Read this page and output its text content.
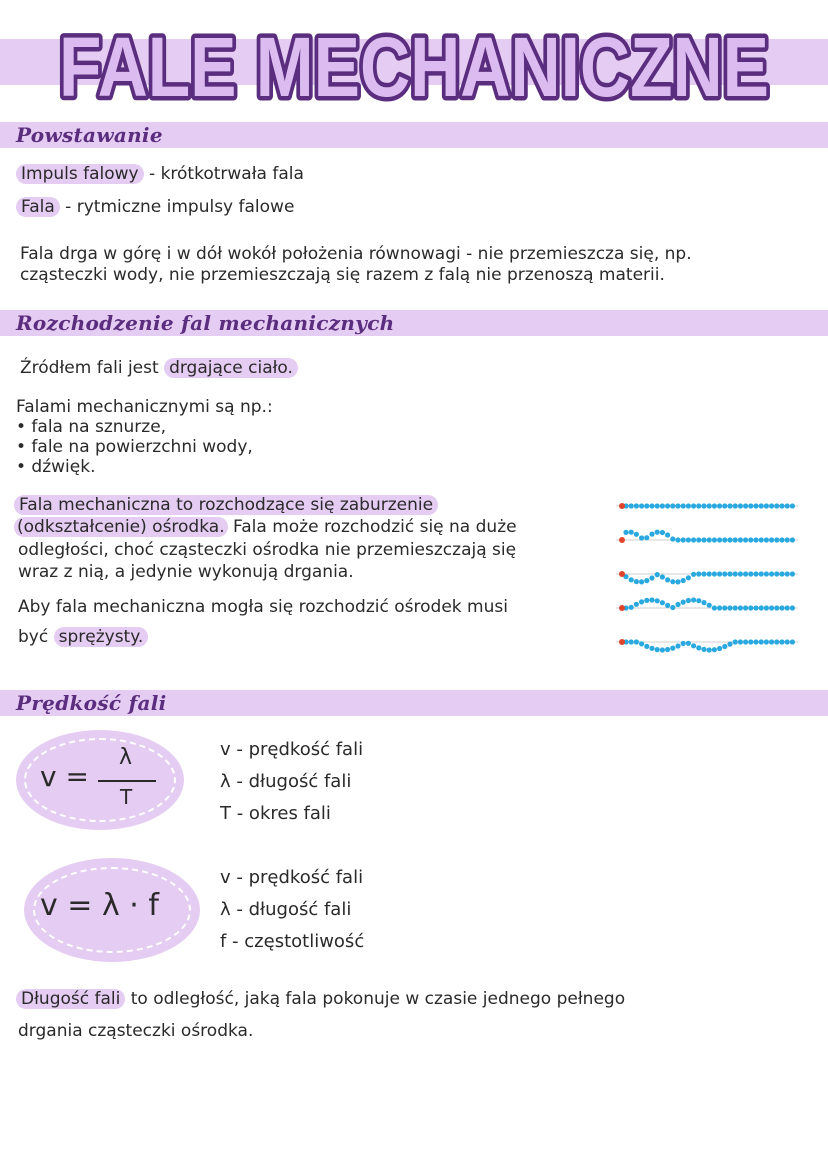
FALE MECHANICZNE
Powstawanie
Impuls falowy - krótkotrwała fala
Fala - rytmiczne impulsy falowe
Fala drga w górę i w dół wokół położenia równowagi - nie przemieszcza się, np.
cząsteczki wody, nie przemieszczają się razem z falą nie przenoszą materii.
Rozchodzenie fal mechanicznych
Źródłem fali jest drgające ciało.
Falami mechanicznymi są np.:
• fala na sznurze,
• fale na powierzchni wody,
• dźwięk.
Fala mechaniczna to rozchodzące się zaburzenie
(odkształcenie) ośrodka. Fala może rozchodzić się na duże
odległości, choć cząsteczki ośrodka nie przemieszczają się
wraz z nią, a jedynie wykonują drgania.
Aby fala mechaniczna mogła się rozchodzić ośrodek musi
być sprężysty.
Prędkość fali
v =
λ
T
v - prędkość fali
λ - długość fali
T - okres fali
v = λ · f
v - prędkość fali
λ - długość fali
f - częstotliwość
Długość fali to odległość, jaką fala pokonuje w czasie jednego pełnego
drgania cząsteczki ośrodka.
